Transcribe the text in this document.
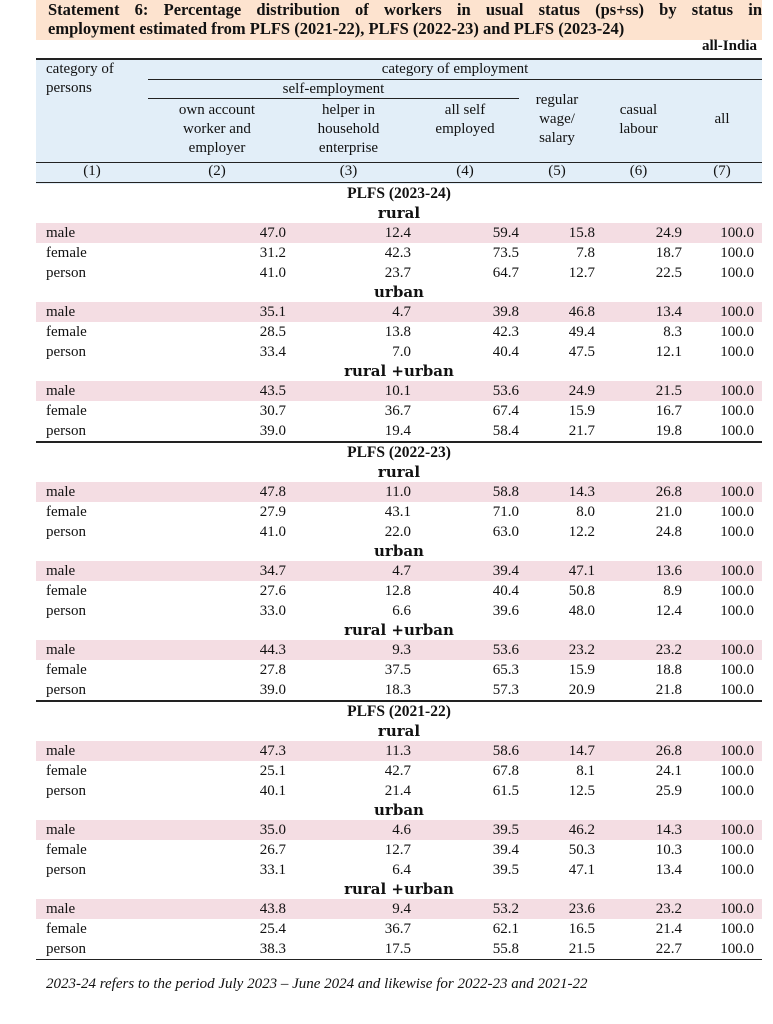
Statement 6: Percentage distribution of workers in usual status (ps+ss) by status in
employment estimated from PLFS (2021-22), PLFS (2022-23) and PLFS (2023-24)
all-India
category of
persons
category of employment
self-employment
own account
worker and
employer
helper in
household
enterprise
all self
employed
regular
wage/
salary
casual
labour
all
(1)	(2)	(3)	(4)	(5)	(6)	(7)
PLFS (2023-24)
rural
male	47.0	12.4	59.4	15.8	24.9	100.0
female	31.2	42.3	73.5	7.8	18.7	100.0
person	41.0	23.7	64.7	12.7	22.5	100.0
urban
male	35.1	4.7	39.8	46.8	13.4	100.0
female	28.5	13.8	42.3	49.4	8.3	100.0
person	33.4	7.0	40.4	47.5	12.1	100.0
rural +urban
male	43.5	10.1	53.6	24.9	21.5	100.0
female	30.7	36.7	67.4	15.9	16.7	100.0
person	39.0	19.4	58.4	21.7	19.8	100.0
PLFS (2022-23)
rural
male	47.8	11.0	58.8	14.3	26.8	100.0
female	27.9	43.1	71.0	8.0	21.0	100.0
person	41.0	22.0	63.0	12.2	24.8	100.0
urban
male	34.7	4.7	39.4	47.1	13.6	100.0
female	27.6	12.8	40.4	50.8	8.9	100.0
person	33.0	6.6	39.6	48.0	12.4	100.0
rural +urban
male	44.3	9.3	53.6	23.2	23.2	100.0
female	27.8	37.5	65.3	15.9	18.8	100.0
person	39.0	18.3	57.3	20.9	21.8	100.0
PLFS (2021-22)
rural
male	47.3	11.3	58.6	14.7	26.8	100.0
female	25.1	42.7	67.8	8.1	24.1	100.0
person	40.1	21.4	61.5	12.5	25.9	100.0
urban
male	35.0	4.6	39.5	46.2	14.3	100.0
female	26.7	12.7	39.4	50.3	10.3	100.0
person	33.1	6.4	39.5	47.1	13.4	100.0
rural +urban
male	43.8	9.4	53.2	23.6	23.2	100.0
female	25.4	36.7	62.1	16.5	21.4	100.0
person	38.3	17.5	55.8	21.5	22.7	100.0
2023-24 refers to the period July 2023 – June 2024 and likewise for 2022-23 and 2021-22
